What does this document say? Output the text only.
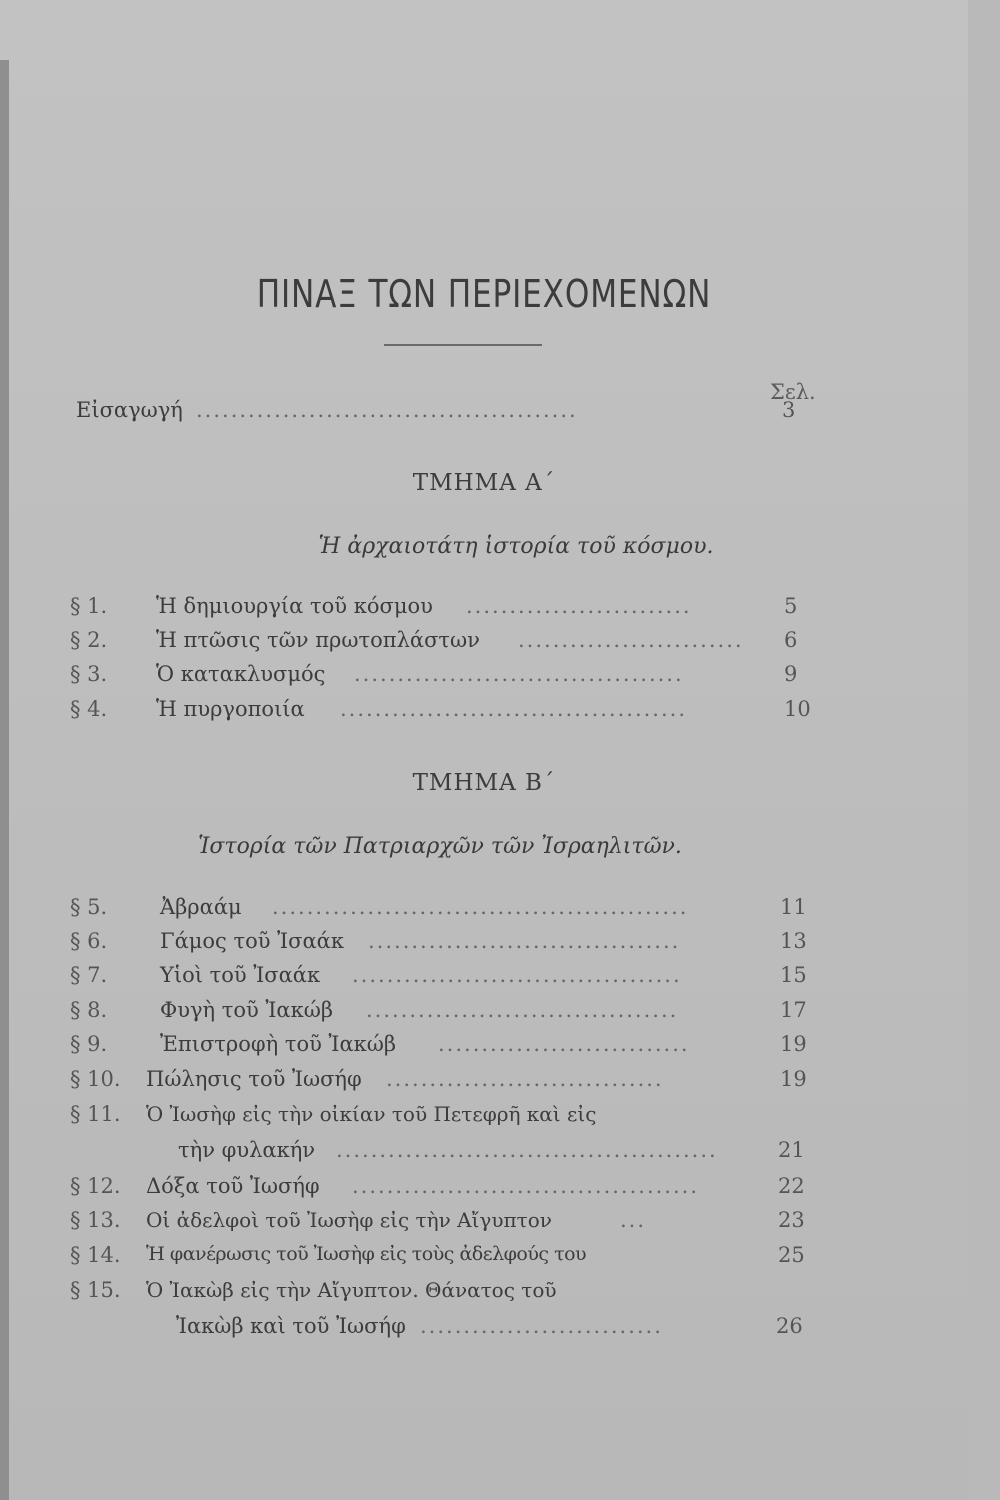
ΠΙΝΑΞ ΤΩΝ ΠΕΡΙΕΧΟΜΕΝΩΝ
Σελ.
Εἰσαγωγή ............................................	3
ΤΜΗΜΑ Α΄
Ἡ ἀρχαιοτάτη ἱστορία τοῦ κόσμου.
§ 1. Ἡ δημιουργία τοῦ κόσμου ..........................	5
§ 2. Ἡ πτῶσις τῶν πρωτοπλάστων .......................... 6
§ 3. Ὁ κατακλυσμός ......................................	9
§ 4. Ἡ πυργοποιία ........................................	10
ΤΜΗΜΑ Β΄
Ἱστορία τῶν Πατριαρχῶν τῶν Ἰσραηλιτῶν.
§ 5.	Ἀβραάμ ................................................	11
§ 6.	Γάμος τοῦ Ἰσαάκ ....................................	13
§ 7.	Υἱοὶ τοῦ Ἰσαάκ ......................................	15
§ 8.	Φυγὴ τοῦ Ἰακώβ ....................................	17
§ 9.	Ἐπιστροφὴ τοῦ Ἰακώβ .............................	19
§ 10. Πώλησις τοῦ Ἰωσήφ ................................	19
§ 11. Ὁ Ἰωσὴφ εἰς τὴν οἰκίαν τοῦ Πετεφρῆ καὶ εἰς
τὴν φυλακήν ............................................	21
§ 12. Δόξα τοῦ Ἰωσήφ ........................................	22
§ 13. Οἱ ἀδελφοὶ τοῦ Ἰωσὴφ εἰς τὴν Αἴγυπτον	...	23
§ 14. Ἡ φανέρωσις τοῦ Ἰωσὴφ εἰς τοὺς ἀδελφούς του	25
§ 15. Ὁ Ἰακὼβ εἰς τὴν Αἴγυπτον. Θάνατος τοῦ
Ἰακὼβ καὶ τοῦ Ἰωσήφ ............................	26
